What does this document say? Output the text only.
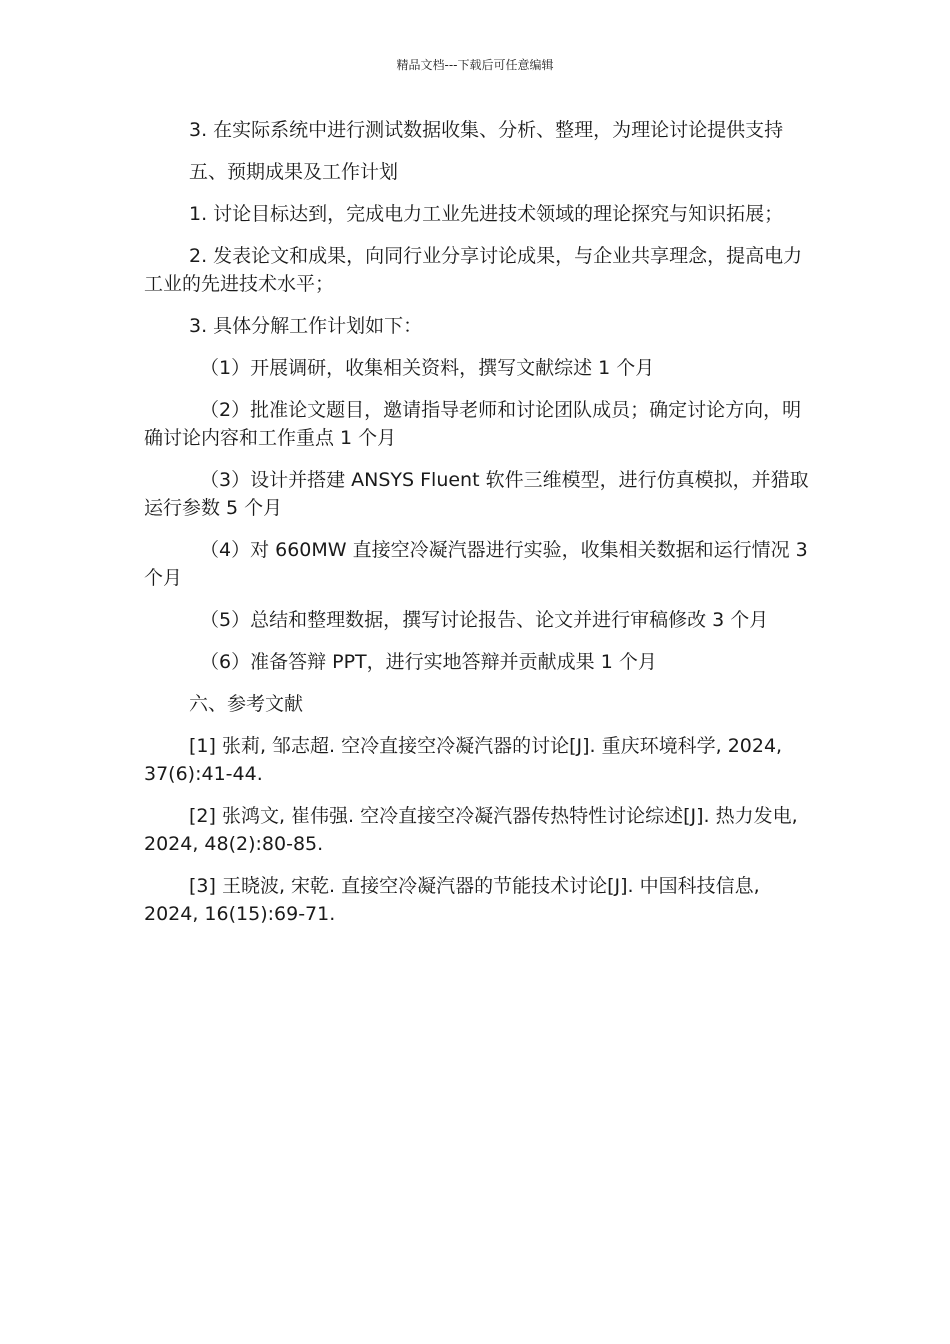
精品文档---下载后可任意编辑

3. 在实际系统中进行测试数据收集、分析、整理，为理论讨论提供支持

五、预期成果及工作计划

1. 讨论目标达到，完成电力工业先进技术领域的理论探究与知识拓展；

2. 发表论文和成果，向同行业分享讨论成果，与企业共享理念，提高电力工业的先进技术水平；

3. 具体分解工作计划如下：

（1）开展调研，收集相关资料，撰写文献综述 1 个月

（2）批准论文题目，邀请指导老师和讨论团队成员；确定讨论方向，明确讨论内容和工作重点 1 个月

（3）设计并搭建 ANSYS Fluent 软件三维模型，进行仿真模拟，并猎取运行参数 5 个月

（4）对 660MW 直接空冷凝汽器进行实验，收集相关数据和运行情况 3 个月

（5）总结和整理数据，撰写讨论报告、论文并进行审稿修改 3 个月

（6）准备答辩 PPT，进行实地答辩并贡献成果 1 个月

六、参考文献

[1] 张莉, 邹志超. 空冷直接空冷凝汽器的讨论[J]. 重庆环境科学, 2024, 37(6):41-44.

[2] 张鸿文, 崔伟强. 空冷直接空冷凝汽器传热特性讨论综述[J]. 热力发电, 2024, 48(2):80-85.

[3] 王晓波, 宋乾. 直接空冷凝汽器的节能技术讨论[J]. 中国科技信息, 2024, 16(15):69-71.
